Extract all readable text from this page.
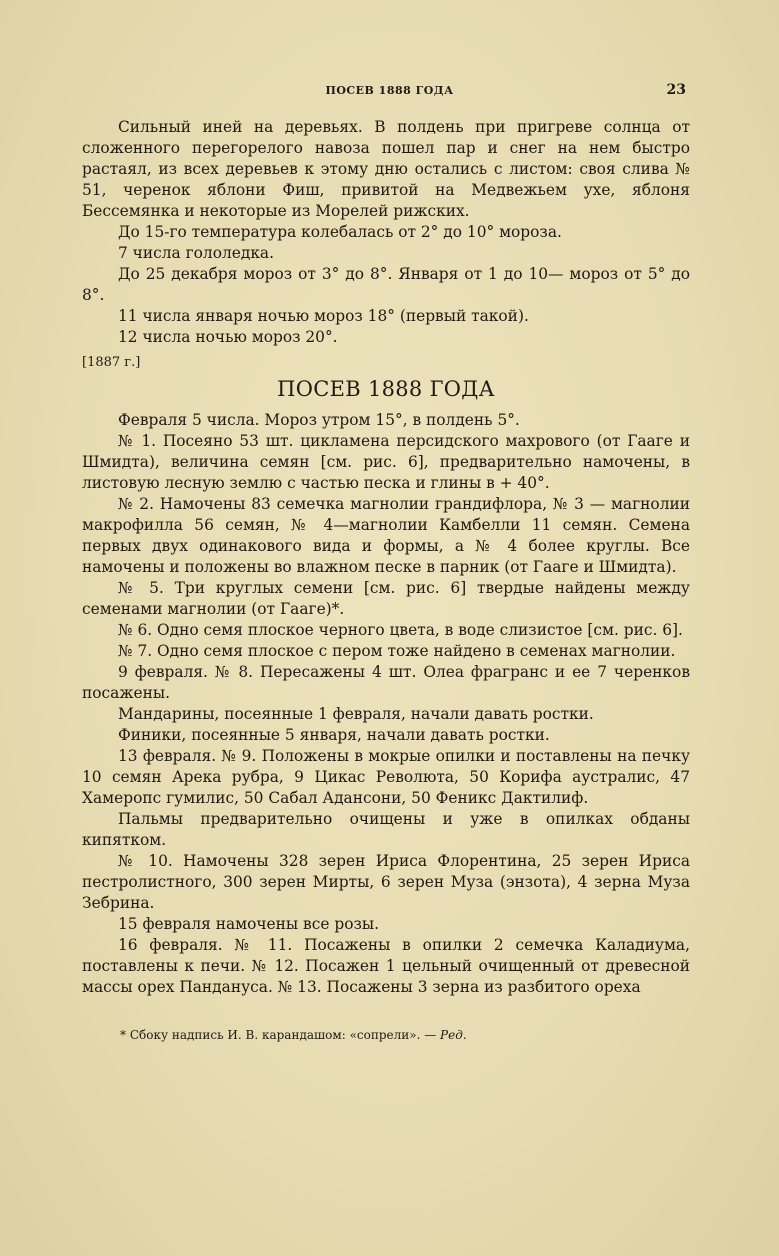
ПОСЕВ 1888 ГОДА	23

Сильный иней на деревьях. В полдень при пригреве солнца от сложенного перегорелого навоза пошел пар и снег на нем быстро растаял, из всех деревьев к этому дню остались с листом: своя слива № 51, черенок яблони Фиш, привитой на Медвежьем ухе, яблоня Бессемянка и некоторые из Морелей рижских.

До 15-го температура колебалась от 2° до 10° мороза.

7 числа гололедка.

До 25 декабря мороз от 3° до 8°. Января от 1 до 10— мороз от 5° до 8°.

11 числа января ночью мороз 18° (первый такой).

12 числа ночью мороз 20°.

[1887 г.]

ПОСЕВ 1888 ГОДА

Февраля 5 числа. Мороз утром 15°, в полдень 5°.

№ 1. Посеяно 53 шт. цикламена персидского махрового (от Гааге и Шмидта), величина семян [см. рис. 6], предварительно намочены, в листовую лесную землю с частью песка и глины в + 40°.

№ 2. Намочены 83 семечка магнолии грандифлора, № 3 — магнолии макрофилла 56 семян, № 4—магнолии Камбелли 11 семян. Семена первых двух одинакового вида и формы, а № 4 более круглы. Все намочены и положены во влажном песке в парник (от Гааге и Шмидта).

№ 5. Три круглых семени [см. рис. 6] твердые найдены между семенами магнолии (от Гааге)*.

№ 6. Одно семя плоское черного цвета, в воде слизистое [см. рис. 6].

№ 7. Одно семя плоское с пером тоже найдено в семенах магнолии.

9 февраля. № 8. Пересажены 4 шт. Олеа фрагранс и ее 7 черенков посажены.

Мандарины, посеянные 1 февраля, начали давать ростки.

Финики, посеянные 5 января, начали давать ростки.

13 февраля. № 9. Положены в мокрые опилки и поставлены на печку 10 семян Арека рубра, 9 Цикас Революта, 50 Корифа аустралис, 47 Хамеропс гумилис, 50 Сабал Адансони, 50 Феникс Дактилиф.

Пальмы предварительно очищены и уже в опилках обданы кипятком.

№ 10. Намочены 328 зерен Ириса Флорентина, 25 зерен Ириса пестролистного, 300 зерен Мирты, 6 зерен Муза (энзота), 4 зерна Муза Зебрина.

15 февраля намочены все розы.

16 февраля. № 11. Посажены в опилки 2 семечка Каладиума, поставлены к печи. № 12. Посажен 1 цельный очищенный от древесной массы орех Пандануса. № 13. Посажены 3 зерна из разбитого ореха

* Сбоку надпись И. В. карандашом: «сопрели». — Ред.
